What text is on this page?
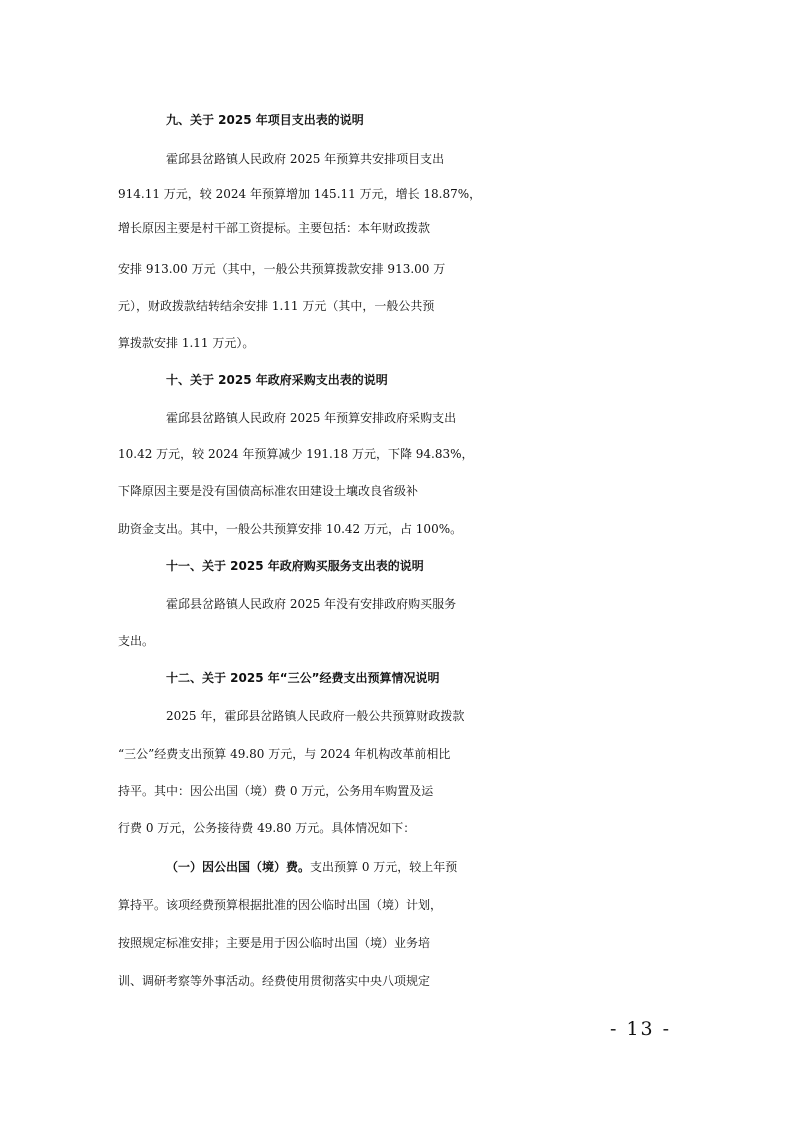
九、关于 2025 年项目支出表的说明
霍邱县岔路镇人民政府 2025 年预算共安排项目支出
914.11 万元，较 2024 年预算增加 145.11 万元，增长 18.87%，
增长原因主要是村干部工资提标。主要包括：本年财政拨款
安排 913.00 万元（其中，一般公共预算拨款安排 913.00 万
元），财政拨款结转结余安排 1.11 万元（其中，一般公共预
算拨款安排 1.11 万元）。
十、关于 2025 年政府采购支出表的说明
霍邱县岔路镇人民政府 2025 年预算安排政府采购支出
10.42 万元，较 2024 年预算减少 191.18 万元，下降 94.83%，
下降原因主要是没有国债高标准农田建设土壤改良省级补
助资金支出。其中，一般公共预算安排 10.42 万元，占 100%。
十一、关于 2025 年政府购买服务支出表的说明
霍邱县岔路镇人民政府 2025 年没有安排政府购买服务
支出。
十二、关于 2025 年“三公”经费支出预算情况说明
2025 年，霍邱县岔路镇人民政府一般公共预算财政拨款
“三公”经费支出预算 49.80 万元，与 2024 年机构改革前相比
持平。其中：因公出国（境）费 0 万元，公务用车购置及运
行费 0 万元，公务接待费 49.80 万元。具体情况如下：
（一）因公出国（境）费。支出预算 0 万元，较上年预
算持平。该项经费预算根据批准的因公临时出国（境）计划，
按照规定标准安排；主要是用于因公临时出国（境）业务培
训、调研考察等外事活动。经费使用贯彻落实中央八项规定
- 13 -
